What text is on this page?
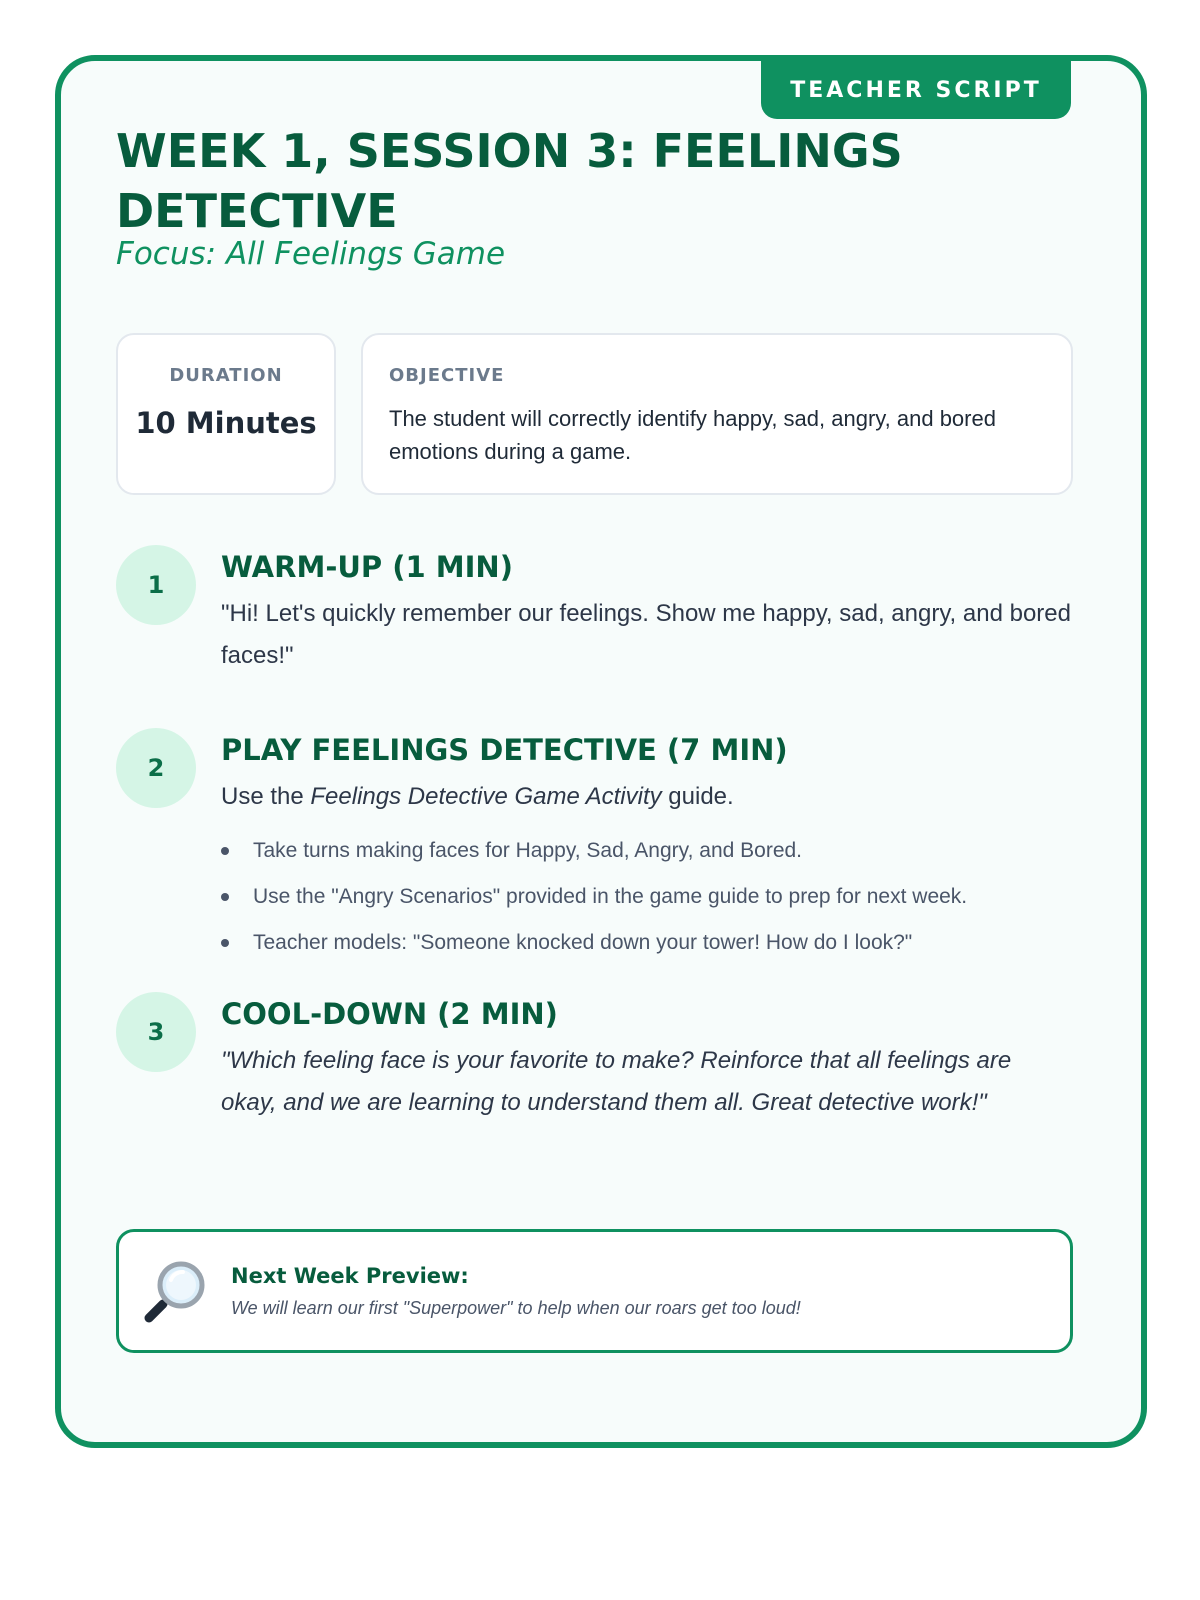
TEACHER SCRIPT
WEEK 1, SESSION 3: FEELINGS DETECTIVE

Focus: All Feelings Game

DURATION
10 Minutes
OBJECTIVE
The student will correctly identify happy, sad, angry, and bored emotions during a game.
1
WARM-UP (1 MIN)

"Hi! Let's quickly remember our feelings. Show me happy, sad, angry, and bored faces!"

2
PLAY FEELINGS DETECTIVE (7 MIN)

Use the Feelings Detective Game Activity guide.

Take turns making faces for Happy, Sad, Angry, and Bored.
Use the "Angry Scenarios" provided in the game guide to prep for next week.
Teacher models: "Someone knocked down your tower! How do I look?"
3
COOL-DOWN (2 MIN)

"Which feeling face is your favorite to make? Reinforce that all feelings are okay, and we are learning to understand them all. Great detective work!"

Next Week Preview:
We will learn our first "Superpower" to help when our roars get too loud!
